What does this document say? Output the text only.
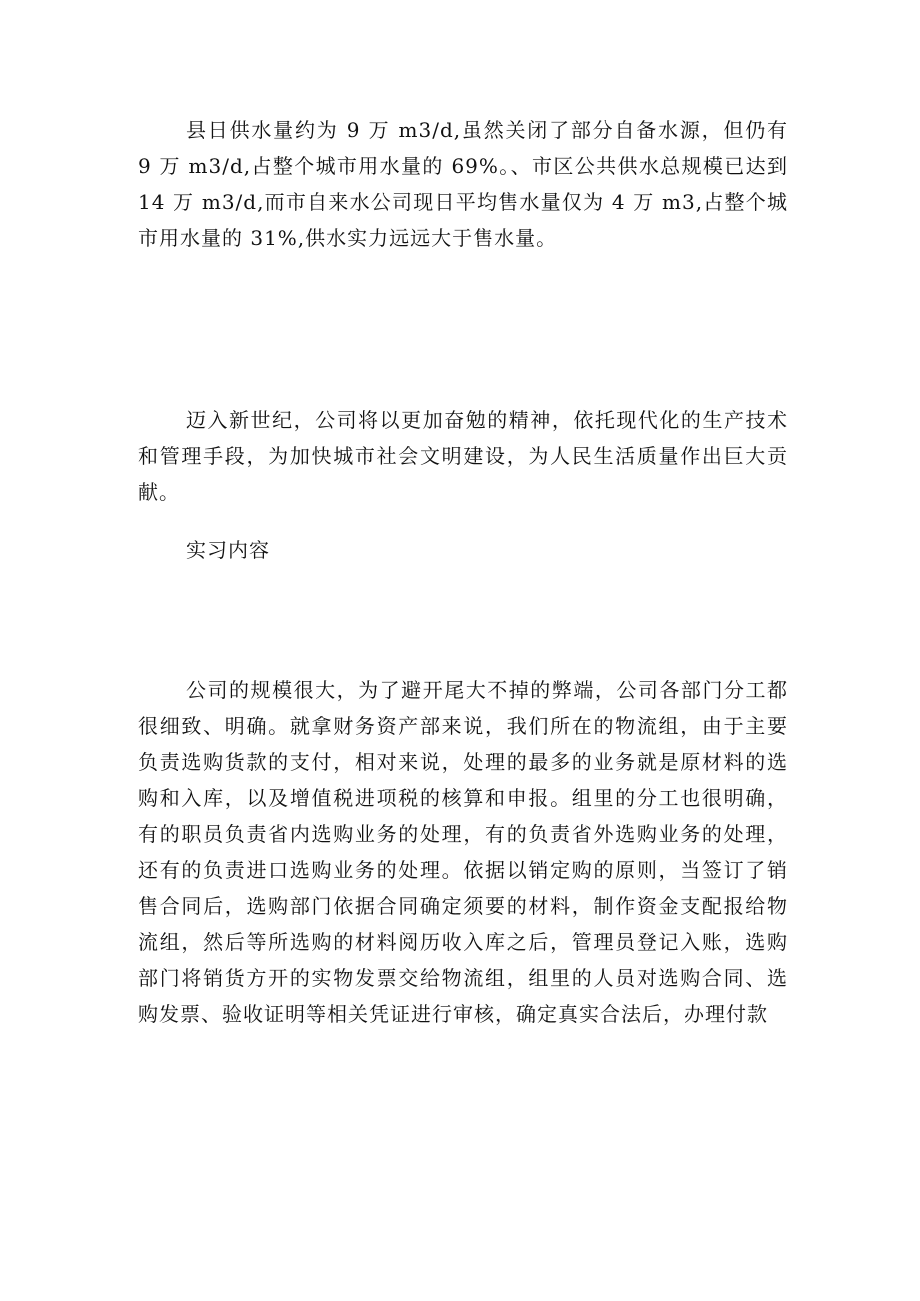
县日供水量约为 9 万 m3/d,虽然关闭了部分自备水源，但仍有 9 万 m3/d,占整个城市用水量的 69%。、市区公共供水总规模已达到 14 万 m3/d,而市自来水公司现日平均售水量仅为 4 万 m3,占整个城市用水量的 31%,供水实力远远大于售水量。

迈入新世纪，公司将以更加奋勉的精神，依托现代化的生产技术和管理手段，为加快城市社会文明建设，为人民生活质量作出巨大贡献。

实习内容

公司的规模很大，为了避开尾大不掉的弊端，公司各部门分工都很细致、明确。就拿财务资产部来说，我们所在的物流组，由于主要负责选购货款的支付，相对来说，处理的最多的业务就是原材料的选购和入库，以及增值税进项税的核算和申报。组里的分工也很明确，有的职员负责省内选购业务的处理，有的负责省外选购业务的处理，还有的负责进口选购业务的处理。依据以销定购的原则，当签订了销售合同后，选购部门依据合同确定须要的材料，制作资金支配报给物流组，然后等所选购的材料阅历收入库之后，管理员登记入账，选购部门将销货方开的实物发票交给物流组，组里的人员对选购合同、选购发票、验收证明等相关凭证进行审核，确定真实合法后，办理付款
